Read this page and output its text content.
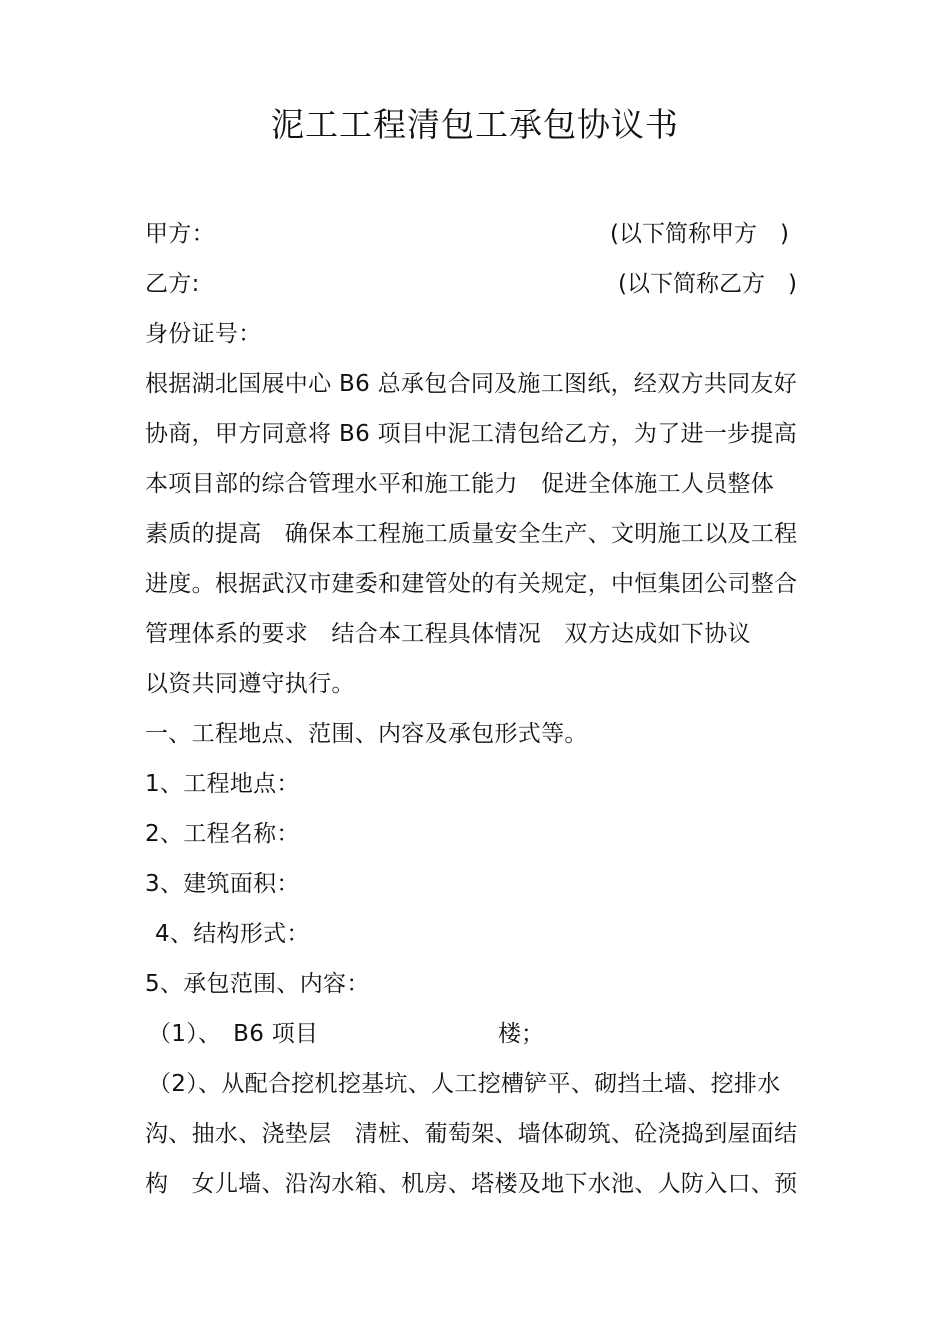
泥工工程清包工承包协议书
甲方：	(以下简称甲方　)
乙方:	(以下简称乙方　)
身份证号：
根据湖北国展中心 B6 总承包合同及施工图纸，经双方共同友好
协商，甲方同意将 B6 项目中泥工清包给乙方，为了进一步提高
本项目部的综合管理水平和施工能力　促进全体施工人员整体
素质的提高　确保本工程施工质量安全生产、文明施工以及工程
进度。根据武汉市建委和建管处的有关规定，中恒集团公司整合
管理体系的要求　结合本工程具体情况　双方达成如下协议
以资共同遵守执行。
一、工程地点、范围、内容及承包形式等。
1、工程地点：
2、工程名称：
3、建筑面积：
4、结构形式：
5、承包范围、内容：
（1）、　B6 项目	楼；
（2）、从配合挖机挖基坑、人工挖槽铲平、砌挡土墙、挖排水
沟、抽水、浇垫层　清桩、葡萄架、墙体砌筑、砼浇捣到屋面结
构　女儿墙、沿沟水箱、机房、塔楼及地下水池、人防入口、预
